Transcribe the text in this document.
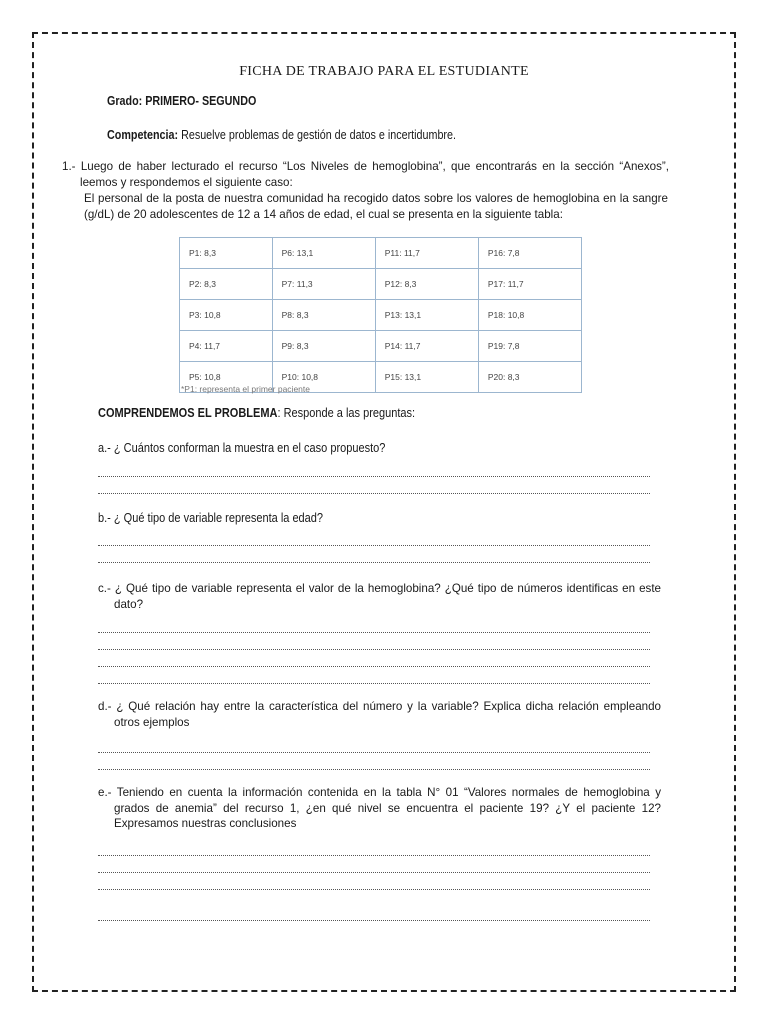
FICHA DE TRABAJO PARA EL ESTUDIANTE
Grado: PRIMERO- SEGUNDO
Competencia: Resuelve problemas de gestión de datos e incertidumbre.
1.- Luego de haber lecturado el recurso “Los Niveles de hemoglobina”, que encontrarás en la sección “Anexos”, leemos y respondemos el siguiente caso:
El personal de la posta de nuestra comunidad ha recogido datos sobre los valores de hemoglobina en la sangre (g/dL) de 20 adolescentes de 12 a 14 años de edad, el cual se presenta en la siguiente tabla:
P1: 8,3	P6: 13,1	P11: 11,7	P16: 7,8
P2: 8,3	P7: 11,3	P12: 8,3	P17: 11,7
P3: 10,8	P8: 8,3	P13: 13,1	P18: 10,8
P4: 11,7	P9: 8,3	P14: 11,7	P19: 7,8
P5: 10,8	P10: 10,8	P15: 13,1	P20: 8,3
*P1: representa el primer paciente
COMPRENDEMOS EL PROBLEMA: Responde a las preguntas:
a.- ¿ Cuántos conforman la muestra en el caso propuesto?
b.- ¿ Qué tipo de variable representa la edad?
c.- ¿ Qué tipo de variable representa el valor de la hemoglobina? ¿Qué tipo de números identificas en este dato?
d.- ¿ Qué relación hay entre la característica del número y la variable? Explica dicha relación empleando otros ejemplos
e.- Teniendo en cuenta la información contenida en la tabla N° 01 “Valores normales de hemoglobina y grados de anemia” del recurso 1, ¿en qué nivel se encuentra el paciente 19? ¿Y el paciente 12? Expresamos nuestras conclusiones
